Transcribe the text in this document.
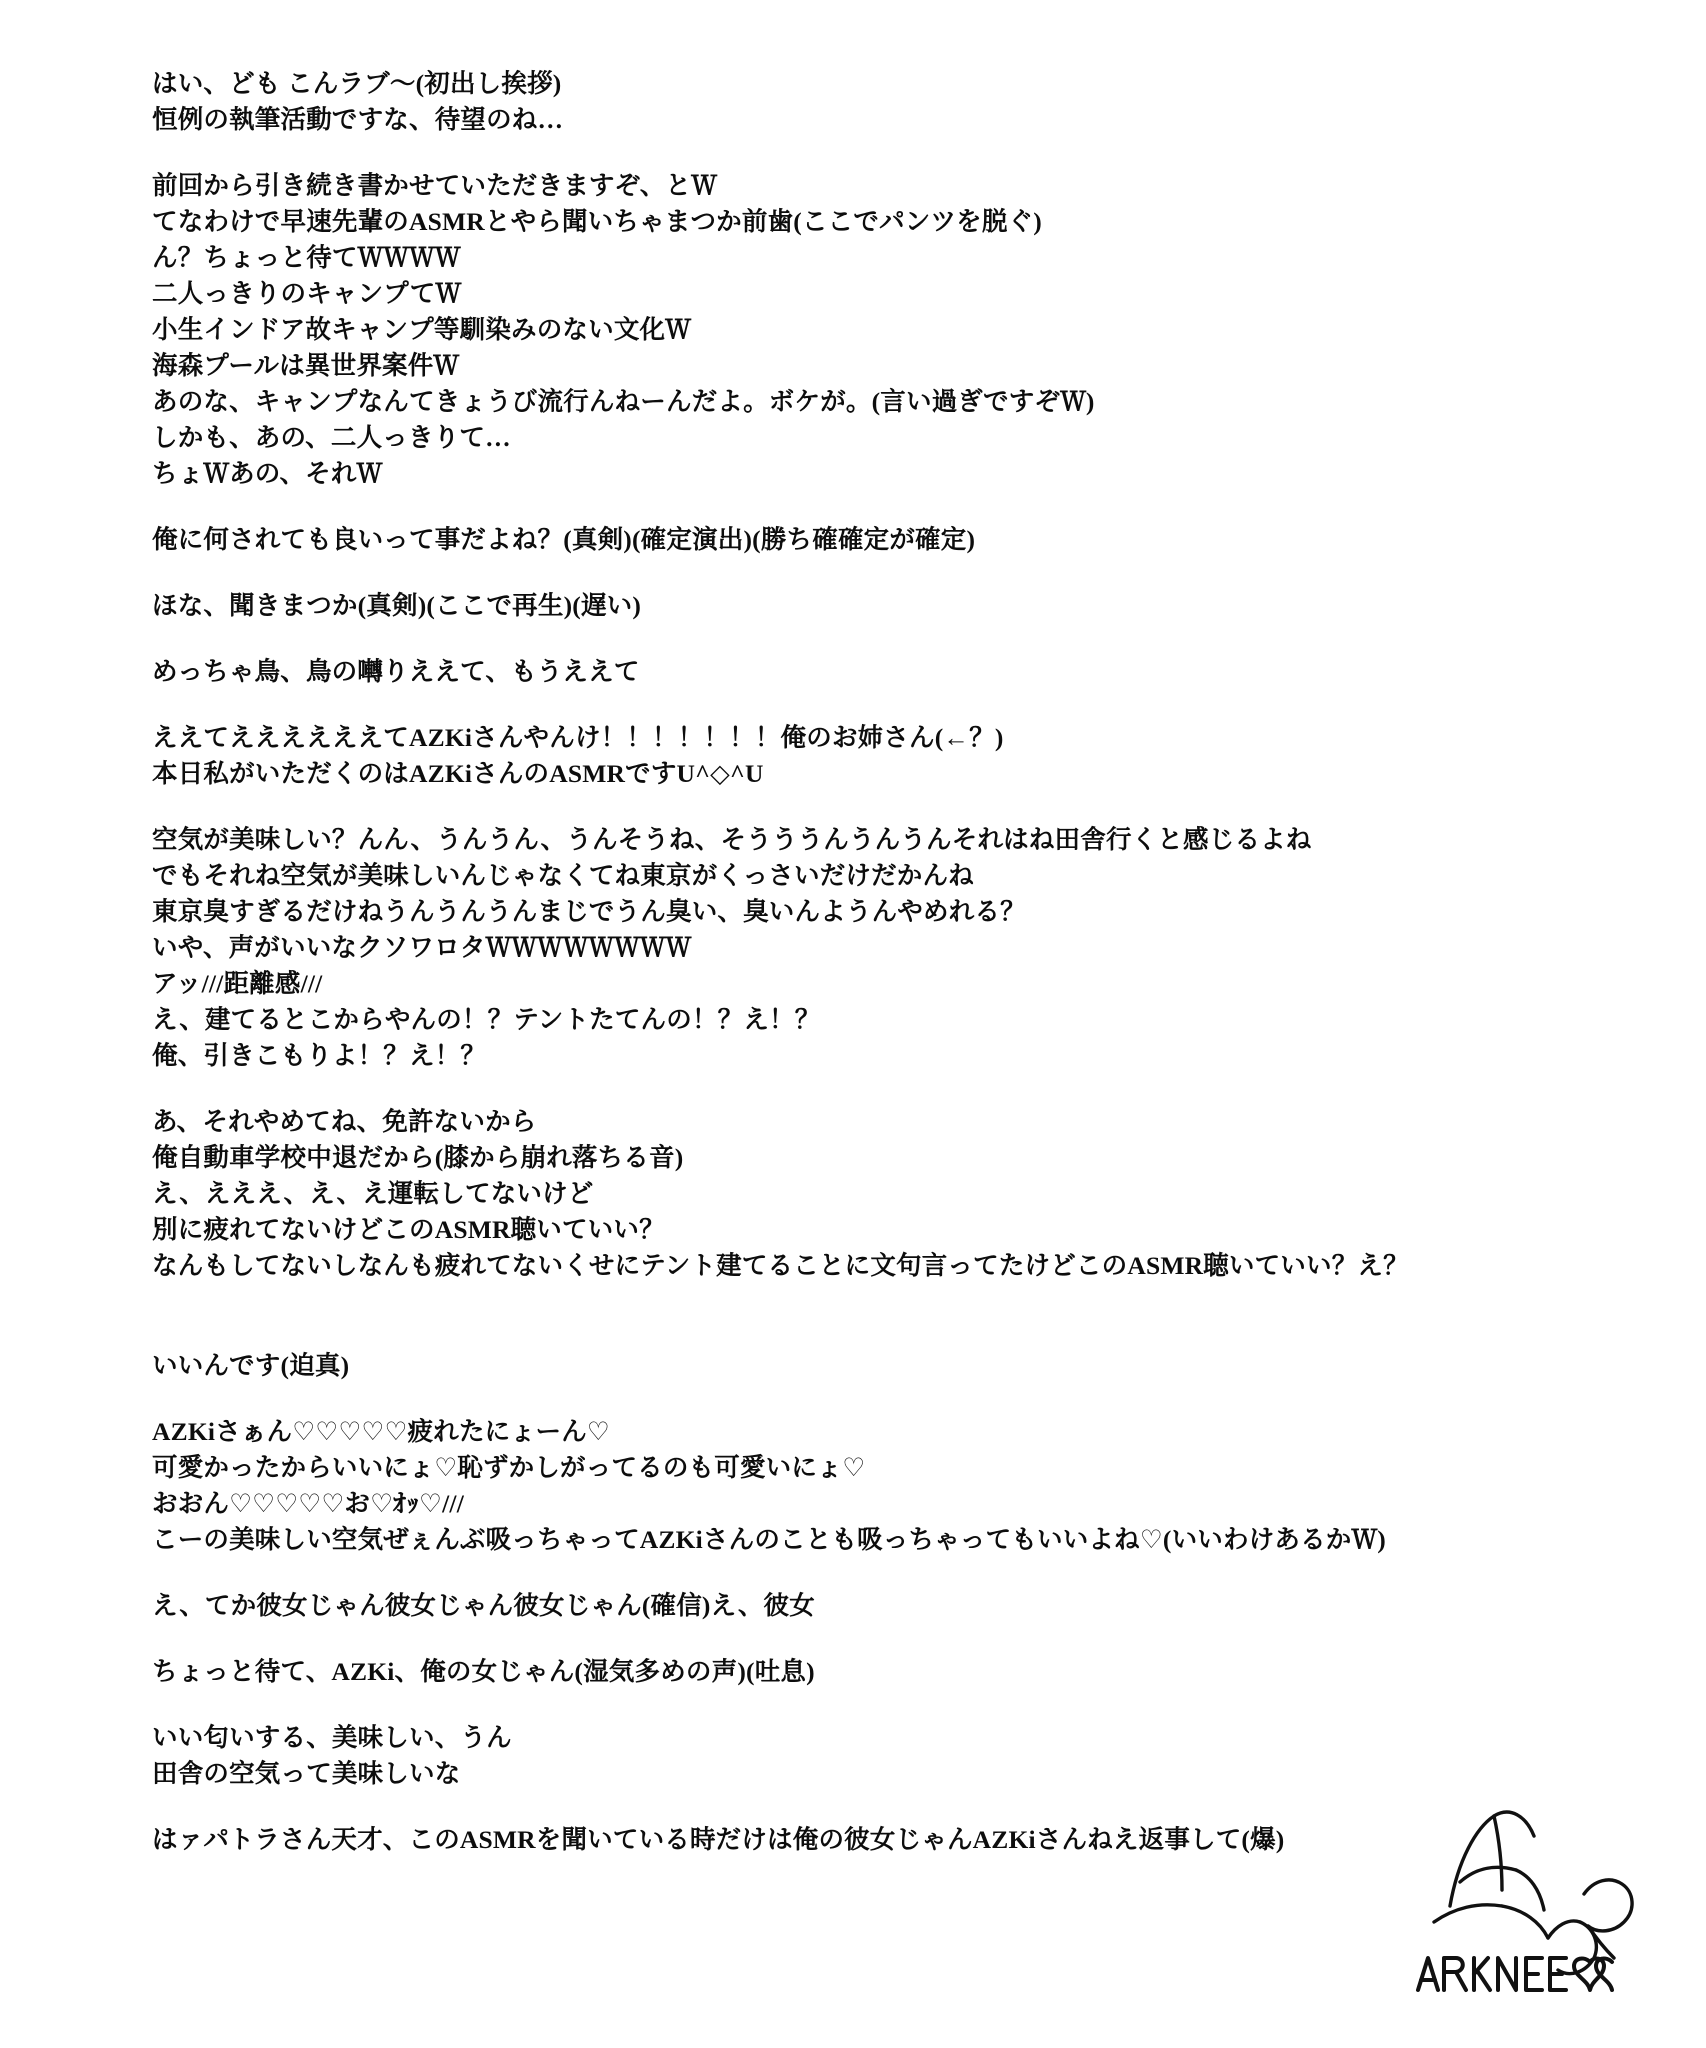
はい、ども こんラブ〜(初出し挨拶)
恒例の執筆活動ですな、待望のね…
前回から引き続き書かせていただきますぞ、とＷ
てなわけで早速先輩のASMRとやら聞いちゃまつか前歯(ここでパンツを脱ぐ)
ん？ちょっと待てＷＷＷＷ
二人っきりのキャンプてＷ
小生インドア故キャンプ等馴染みのない文化Ｗ
海森プールは異世界案件Ｗ
あのな、キャンプなんてきょうび流行んねーんだよ。ボケが。(言い過ぎですぞＷ)
しかも、あの、二人っきりて…
ちょＷあの、それＷ
俺に何されても良いって事だよね？(真剣)(確定演出)(勝ち確確定が確定)
ほな、聞きまつか(真剣)(ここで再生)(遅い)
めっちゃ鳥、鳥の囀りええて、もうええて
ええてええええええてAZKiさんやんけ！！！！！！！俺のお姉さん(←？)
本日私がいただくのはAZKiさんのASMRですU^◇^U
空気が美味しい？んん、うんうん、うんそうね、そうううんうんうんそれはね田舎行くと感じるよね
でもそれね空気が美味しいんじゃなくてね東京がくっさいだけだかんね
東京臭すぎるだけねうんうんうんまじでうん臭い、臭いんようんやめれる？
いや、声がいいなクソワロタＷＷＷＷＷＷＷＷ
アッ///距離感///
え、建てるとこからやんの！？テントたてんの！？え！？
俺、引きこもりよ！？え！？
あ、それやめてね、免許ないから
俺自動車学校中退だから(膝から崩れ落ちる音)
え、えええ、え、え運転してないけど
別に疲れてないけどこのASMR聴いていい？
なんもしてないしなんも疲れてないくせにテント建てることに文句言ってたけどこのASMR聴いていい？え？
いいんです(迫真)
AZKiさぁん♡♡♡♡♡疲れたにょーん♡
可愛かったからいいにょ♡恥ずかしがってるのも可愛いにょ♡
おおん♡♡♡♡♡お♡ｵｯ♡///
こーの美味しい空気ぜぇんぶ吸っちゃってAZKiさんのことも吸っちゃってもいいよね♡(いいわけあるかＷ)
え、てか彼女じゃん彼女じゃん彼女じゃん(確信)え、彼女
ちょっと待て、AZKi、俺の女じゃん(湿気多めの声)(吐息)
いい匂いする、美味しい、うん
田舎の空気って美味しいな
はァパトラさん天才、このASMRを聞いている時だけは俺の彼女じゃんAZKiさんねえ返事して(爆)
